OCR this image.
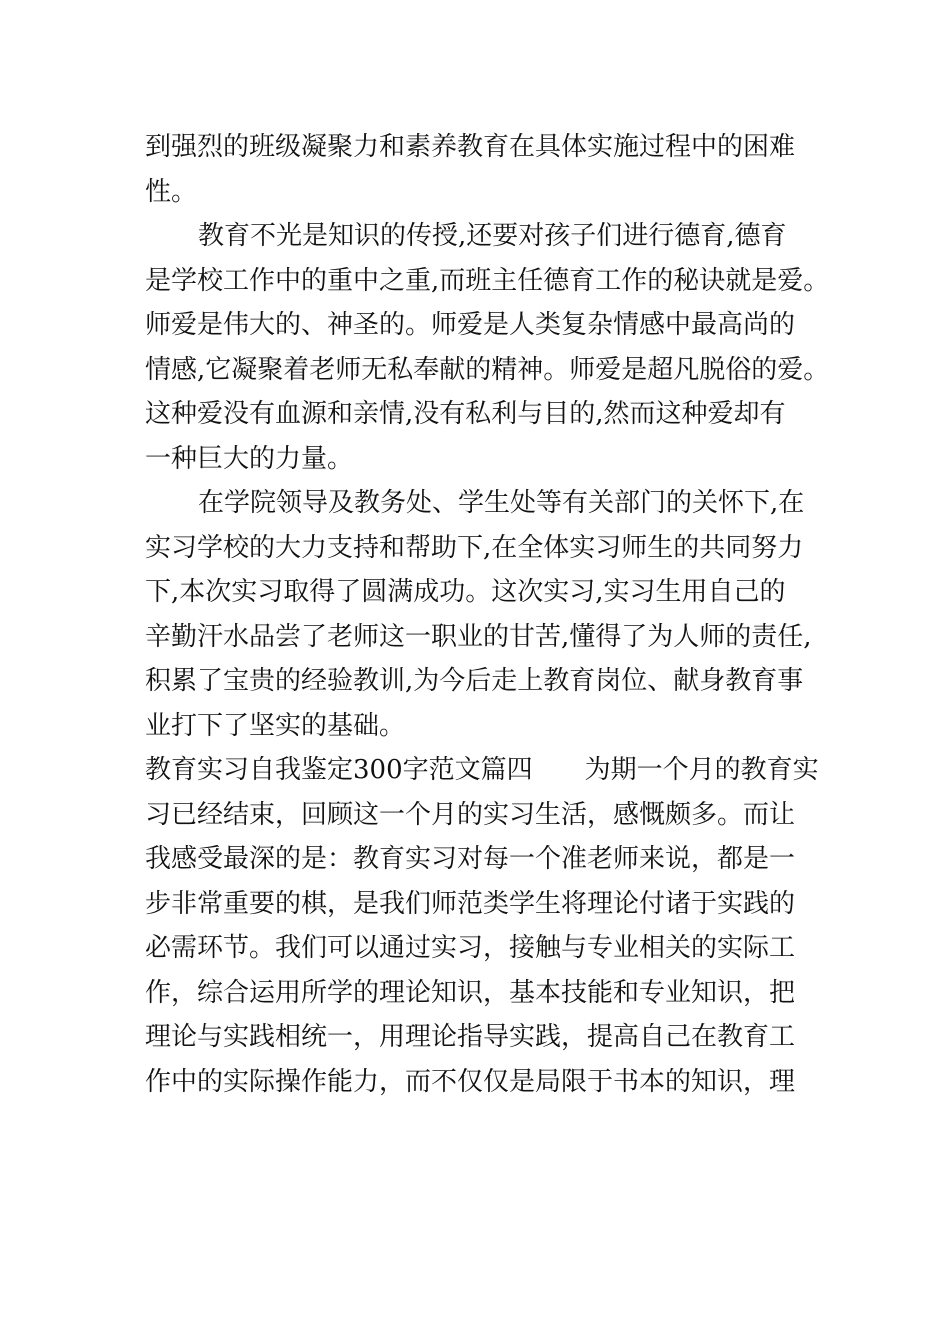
到强烈的班级凝聚力和素养教育在具体实施过程中的困难
性。
教育不光是知识的传授,还要对孩子们进行德育,德育
是学校工作中的重中之重,而班主任德育工作的秘诀就是爱。
师爱是伟大的、神圣的。师爱是人类复杂情感中最高尚的
情感,它凝聚着老师无私奉献的精神。师爱是超凡脱俗的爱。
这种爱没有血源和亲情,没有私利与目的,然而这种爱却有
一种巨大的力量。
在学院领导及教务处、学生处等有关部门的关怀下,在
实习学校的大力支持和帮助下,在全体实习师生的共同努力
下,本次实习取得了圆满成功。这次实习,实习生用自己的
辛勤汗水品尝了老师这一职业的甘苦,懂得了为人师的责任,
积累了宝贵的经验教训,为今后走上教育岗位、献身教育事
业打下了坚实的基础。
教育实习自我鉴定300字范文篇四 为期一个月的教育实
习已经结束，回顾这一个月的实习生活，感慨颇多。而让
我感受最深的是：教育实习对每一个准老师来说，都是一
步非常重要的棋，是我们师范类学生将理论付诸于实践的
必需环节。我们可以通过实习，接触与专业相关的实际工
作，综合运用所学的理论知识，基本技能和专业知识，把
理论与实践相统一，用理论指导实践，提高自己在教育工
作中的实际操作能力，而不仅仅是局限于书本的知识，理
